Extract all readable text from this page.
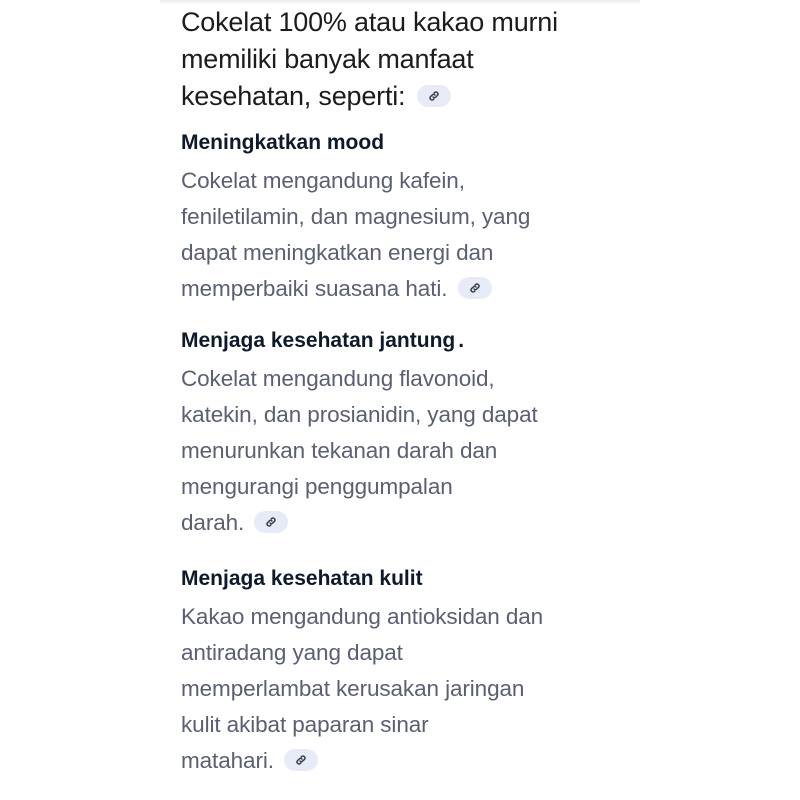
Cokelat 100% atau kakao murni
memiliki banyak manfaat
kesehatan, seperti:

Meningkatkan mood

Cokelat mengandung kafein,
feniletilamin, dan magnesium, yang
dapat meningkatkan energi dan
memperbaiki suasana hati.

Menjaga kesehatan jantung .

Cokelat mengandung flavonoid,
katekin, dan prosianidin, yang dapat
menurunkan tekanan darah dan
mengurangi penggumpalan
darah.

Menjaga kesehatan kulit

Kakao mengandung antioksidan dan
antiradang yang dapat
memperlambat kerusakan jaringan
kulit akibat paparan sinar
matahari.
